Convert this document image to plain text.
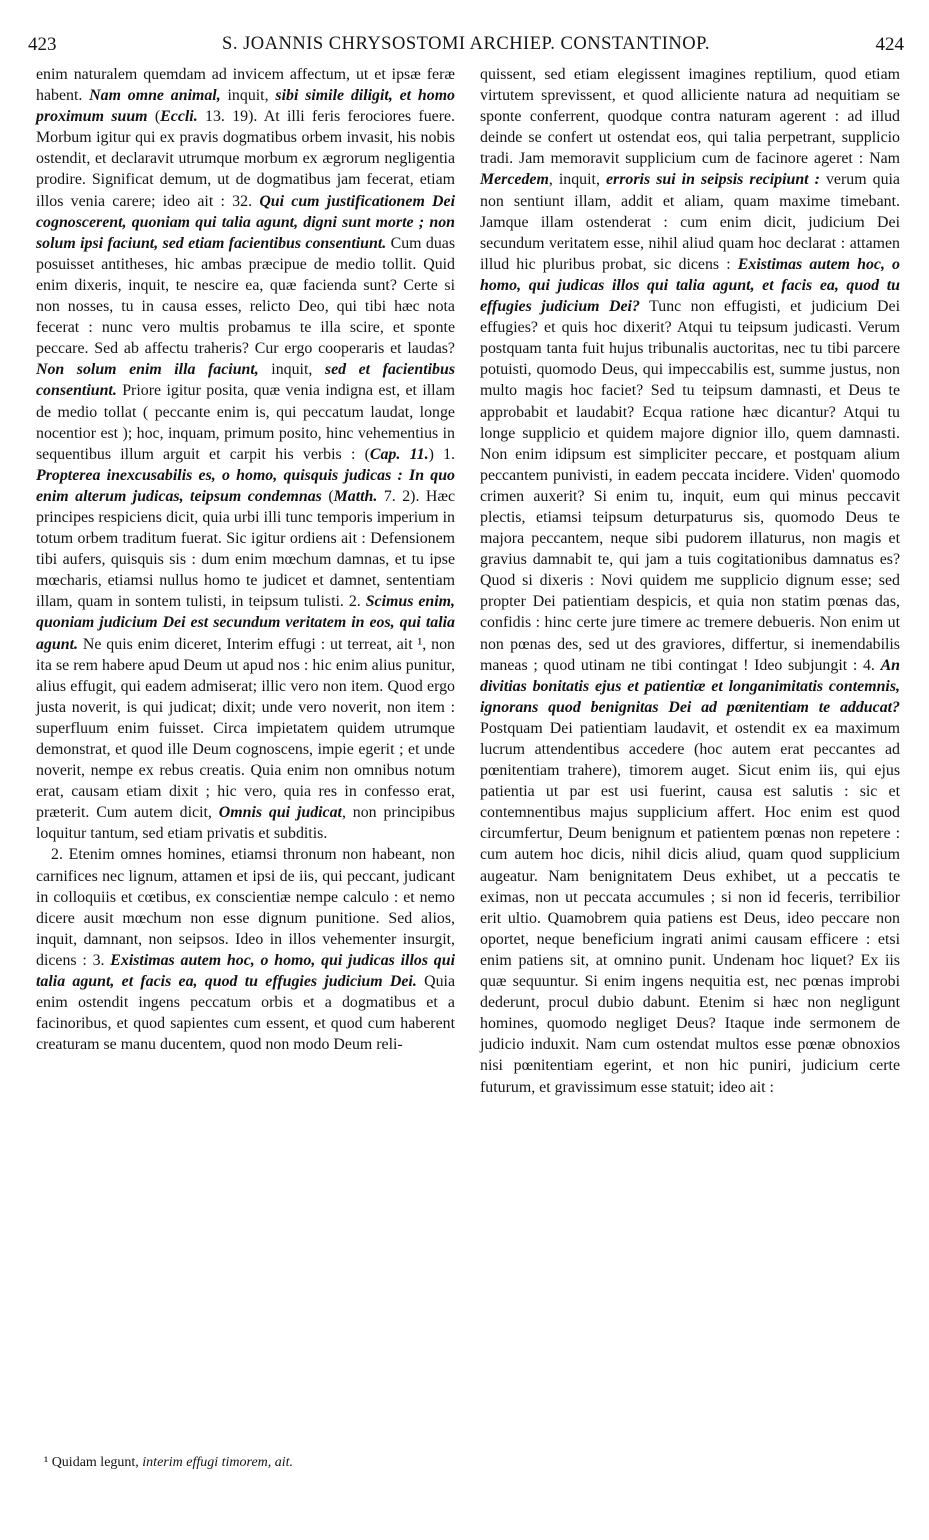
423	S. JOANNIS CHRYSOSTOMI ARCHIEP. CONSTANTINOP.	424

enim naturalem quemdam ad invicem affectum, ut et ipsæ feræ habent. Nam omne animal, inquit, sibi simile diligit, et homo proximum suum (Eccli. 13. 19). At illi feris ferociores fuere. Morbum igitur qui ex pravis dogmatibus orbem invasit, his nobis ostendit, et declaravit utrumque morbum ex ægrorum negligentia prodire. Significat demum, ut de dogmatibus jam fecerat, etiam illos venia carere; ideo ait : 32. Qui cum justificationem Dei cognoscerent, quoniam qui talia agunt, digni sunt morte ; non solum ipsi faciunt, sed etiam facientibus consentiunt. Cum duas posuisset antitheses, hic ambas præcipue de medio tollit. Quid enim dixeris, inquit, te nescire ea, quæ facienda sunt? Certe si non nosses, tu in causa esses, relicto Deo, qui tibi hæc nota fecerat : nunc vero multis probamus te illa scire, et sponte peccare. Sed ab affectu traheris? Cur ergo cooperaris et laudas? Non solum enim illa faciunt, inquit, sed et facientibus consentiunt. Priore igitur posita, quæ venia indigna est, et illam de medio tollat ( peccante enim is, qui peccatum laudat, longe nocentior est ); hoc, inquam, primum posito, hinc vehementius in sequentibus illum arguit et carpit his verbis : (Cap. 11.) 1. Propterea inexcusabilis es, o homo, quisquis judicas : In quo enim alterum judicas, teipsum condemnas (Matth. 7. 2). Hæc principes respiciens dicit, quia urbi illi tunc temporis imperium in totum orbem traditum fuerat. Sic igitur ordiens ait : Defensionem tibi aufers, quisquis sis : dum enim mœchum damnas, et tu ipse mœcharis, etiamsi nullus homo te judicet et damnet, sententiam illam, quam in sontem tulisti, in teipsum tulisti. 2. Scimus enim, quoniam judicium Dei est secundum veritatem in eos, qui talia agunt. Ne quis enim diceret, Interim effugi : ut terreat, ait ¹, non ita se rem habere apud Deum ut apud nos : hic enim alius punitur, alius effugit, qui eadem admiserat; illic vero non item. Quod ergo justa noverit, is qui judicat; dixit; unde vero noverit, non item : superfluum enim fuisset. Circa impietatem quidem utrumque demonstrat, et quod ille Deum cognoscens, impie egerit ; et unde noverit, nempe ex rebus creatis. Quia enim non omnibus notum erat, causam etiam dixit ; hic vero, quia res in confesso erat, præterit. Cum autem dicit, Omnis qui judicat, non principibus loquitur tantum, sed etiam privatis et subditis.

2. Etenim omnes homines, etiamsi thronum non habeant, non carnifices nec lignum, attamen et ipsi de iis, qui peccant, judicant in colloquiis et cœtibus, ex conscientiæ nempe calculo : et nemo dicere ausit mœchum non esse dignum punitione. Sed alios, inquit, damnant, non seipsos. Ideo in illos vehementer insurgit, dicens : 3. Existimas autem hoc, o homo, qui judicas illos qui talia agunt, et facis ea, quod tu effugies judicium Dei. Quia enim ostendit ingens peccatum orbis et a dogmatibus et a facinoribus, et quod sapientes cum essent, et quod cum haberent creaturam se manu ducentem, quod non modo Deum reli-

quissent, sed etiam elegissent imagines reptilium, quod etiam virtutem sprevissent, et quod alliciente natura ad nequitiam se sponte conferrent, quodque contra naturam agerent : ad illud deinde se confert ut ostendat eos, qui talia perpetrant, supplicio tradi. Jam memoravit supplicium cum de facinore ageret : Nam Mercedem, inquit, erroris sui in seipsis recipiunt : verum quia non sentiunt illam, addit et aliam, quam maxime timebant. Jamque illam ostenderat : cum enim dicit, judicium Dei secundum veritatem esse, nihil aliud quam hoc declarat : attamen illud hic pluribus probat, sic dicens : Existimas autem hoc, o homo, qui judicas illos qui talia agunt, et facis ea, quod tu effugies judicium Dei? Tunc non effugisti, et judicium Dei effugies? et quis hoc dixerit? Atqui tu teipsum judicasti. Verum postquam tanta fuit hujus tribunalis auctoritas, nec tu tibi parcere potuisti, quomodo Deus, qui impeccabilis est, summe justus, non multo magis hoc faciet? Sed tu teipsum damnasti, et Deus te approbabit et laudabit? Ecqua ratione hæc dicantur? Atqui tu longe supplicio et quidem majore dignior illo, quem damnasti. Non enim idipsum est simpliciter peccare, et postquam alium peccantem punivisti, in eadem peccata incidere. Viden' quomodo crimen auxerit? Si enim tu, inquit, eum qui minus peccavit plectis, etiamsi teipsum deturpaturus sis, quomodo Deus te majora peccantem, neque sibi pudorem illaturus, non magis et gravius damnabit te, qui jam a tuis cogitationibus damnatus es? Quod si dixeris : Novi quidem me supplicio dignum esse; sed propter Dei patientiam despicis, et quia non statim pœnas das, confidis : hinc certe jure timere ac tremere debueris. Non enim ut non pœnas des, sed ut des graviores, differtur, si inemendabilis maneas ; quod utinam ne tibi contingat ! Ideo subjungit : 4. An divitias bonitatis ejus et patientiæ et longanimitatis contemnis, ignorans quod benignitas Dei ad pœnitentiam te adducat? Postquam Dei patientiam laudavit, et ostendit ex ea maximum lucrum attendentibus accedere (hoc autem erat peccantes ad pœnitentiam trahere), timorem auget. Sicut enim iis, qui ejus patientia ut par est usi fuerint, causa est salutis : sic et contemnentibus majus supplicium affert. Hoc enim est quod circumfertur, Deum benignum et patientem pœnas non repetere : cum autem hoc dicis, nihil dicis aliud, quam quod supplicium augeatur. Nam benignitatem Deus exhibet, ut a peccatis te eximas, non ut peccata accumules ; si non id feceris, terribilior erit ultio. Quamobrem quia patiens est Deus, ideo peccare non oportet, neque beneficium ingrati animi causam efficere : etsi enim patiens sit, at omnino punit. Undenam hoc liquet? Ex iis quæ sequuntur. Si enim ingens nequitia est, nec pœnas improbi dederunt, procul dubio dabunt. Etenim si hæc non negligunt homines, quomodo negliget Deus? Itaque inde sermonem de judicio induxit. Nam cum ostendat multos esse pœnæ obnoxios nisi pœnitentiam egerint, et non hic puniri, judicium certe futurum, et gravissimum esse statuit; ideo ait :

¹ Quidam legunt, interim effugi timorem, ait.
